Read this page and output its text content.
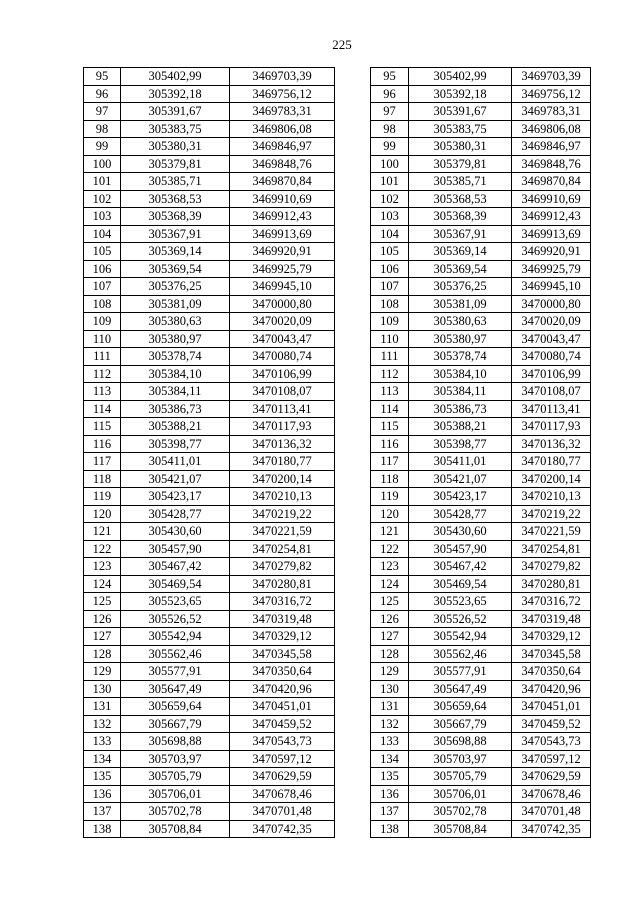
225
95	305402,99	3469703,39
96	305392,18	3469756,12
97	305391,67	3469783,31
98	305383,75	3469806,08
99	305380,31	3469846,97
100	305379,81	3469848,76
101	305385,71	3469870,84
102	305368,53	3469910,69
103	305368,39	3469912,43
104	305367,91	3469913,69
105	305369,14	3469920,91
106	305369,54	3469925,79
107	305376,25	3469945,10
108	305381,09	3470000,80
109	305380,63	3470020,09
110	305380,97	3470043,47
111	305378,74	3470080,74
112	305384,10	3470106,99
113	305384,11	3470108,07
114	305386,73	3470113,41
115	305388,21	3470117,93
116	305398,77	3470136,32
117	305411,01	3470180,77
118	305421,07	3470200,14
119	305423,17	3470210,13
120	305428,77	3470219,22
121	305430,60	3470221,59
122	305457,90	3470254,81
123	305467,42	3470279,82
124	305469,54	3470280,81
125	305523,65	3470316,72
126	305526,52	3470319,48
127	305542,94	3470329,12
128	305562,46	3470345,58
129	305577,91	3470350,64
130	305647,49	3470420,96
131	305659,64	3470451,01
132	305667,79	3470459,52
133	305698,88	3470543,73
134	305703,97	3470597,12
135	305705,79	3470629,59
136	305706,01	3470678,46
137	305702,78	3470701,48
138	305708,84	3470742,35
95	305402,99	3469703,39
96	305392,18	3469756,12
97	305391,67	3469783,31
98	305383,75	3469806,08
99	305380,31	3469846,97
100	305379,81	3469848,76
101	305385,71	3469870,84
102	305368,53	3469910,69
103	305368,39	3469912,43
104	305367,91	3469913,69
105	305369,14	3469920,91
106	305369,54	3469925,79
107	305376,25	3469945,10
108	305381,09	3470000,80
109	305380,63	3470020,09
110	305380,97	3470043,47
111	305378,74	3470080,74
112	305384,10	3470106,99
113	305384,11	3470108,07
114	305386,73	3470113,41
115	305388,21	3470117,93
116	305398,77	3470136,32
117	305411,01	3470180,77
118	305421,07	3470200,14
119	305423,17	3470210,13
120	305428,77	3470219,22
121	305430,60	3470221,59
122	305457,90	3470254,81
123	305467,42	3470279,82
124	305469,54	3470280,81
125	305523,65	3470316,72
126	305526,52	3470319,48
127	305542,94	3470329,12
128	305562,46	3470345,58
129	305577,91	3470350,64
130	305647,49	3470420,96
131	305659,64	3470451,01
132	305667,79	3470459,52
133	305698,88	3470543,73
134	305703,97	3470597,12
135	305705,79	3470629,59
136	305706,01	3470678,46
137	305702,78	3470701,48
138	305708,84	3470742,35
